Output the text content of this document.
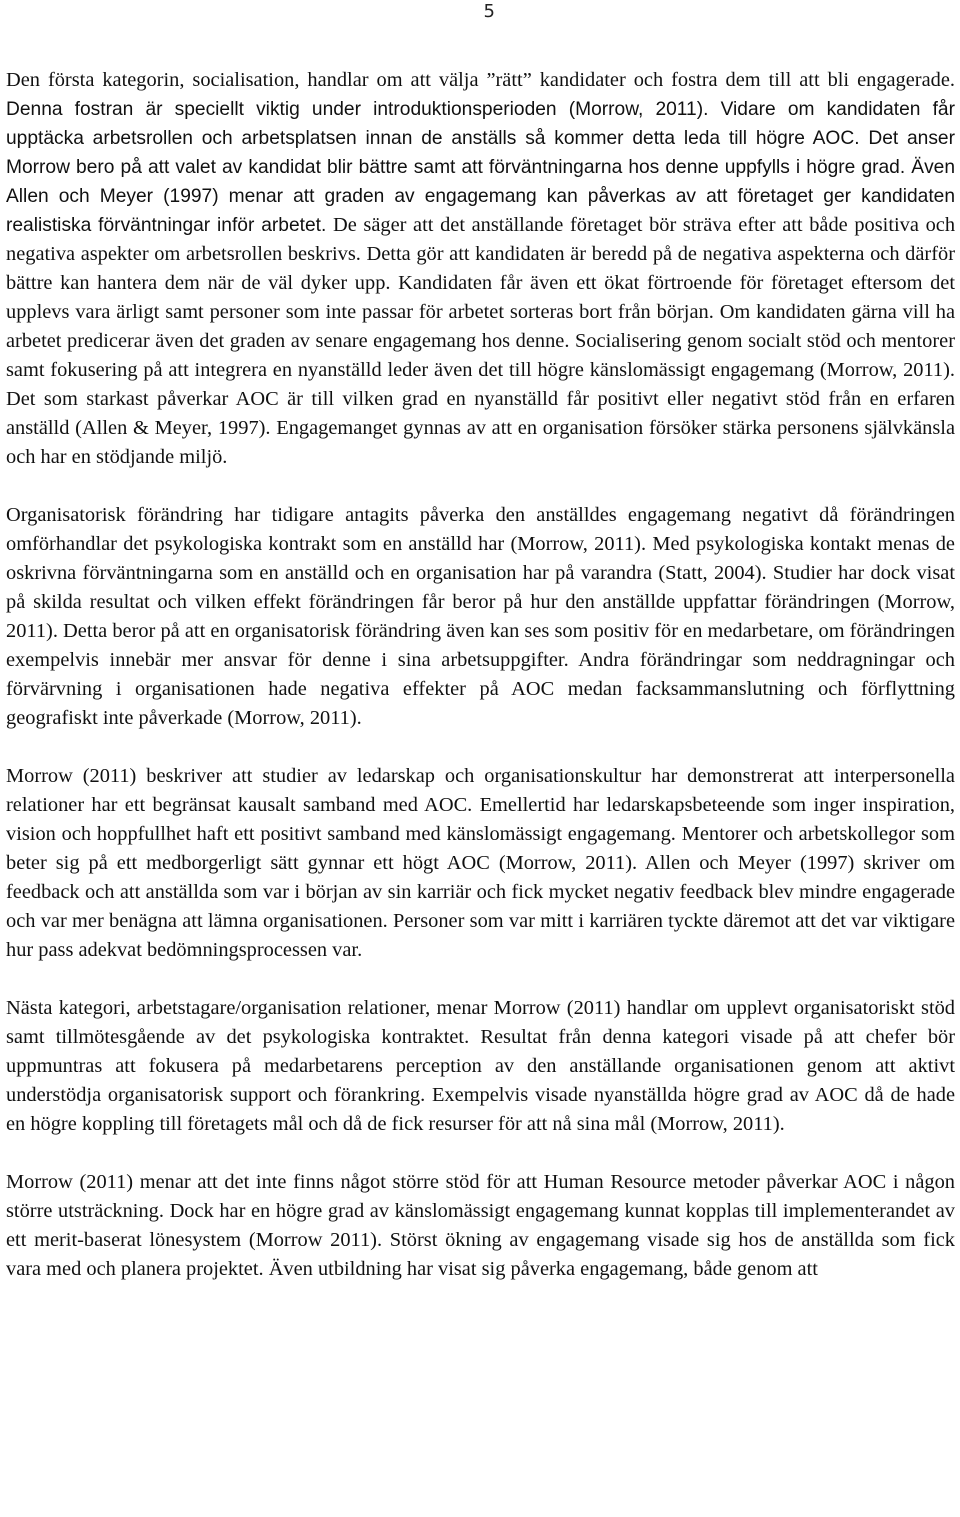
5

Den första kategorin, socialisation, handlar om att välja ”rätt” kandidater och fostra dem till att bli engagerade. Denna fostran är speciellt viktig under introduktionsperioden (Morrow, 2011). Vidare om kandidaten får upptäcka arbetsrollen och arbetsplatsen innan de anställs så kommer detta leda till högre AOC. Det anser Morrow bero på att valet av kandidat blir bättre samt att förväntningarna hos denne uppfylls i högre grad. Även Allen och Meyer (1997) menar att graden av engagemang kan påverkas av att företaget ger kandidaten realistiska förväntningar inför arbetet. De säger att det anställande företaget bör sträva efter att både positiva och negativa aspekter om arbetsrollen beskrivs. Detta gör att kandidaten är beredd på de negativa aspekterna och därför bättre kan hantera dem när de väl dyker upp. Kandidaten får även ett ökat förtroende för företaget eftersom det upplevs vara ärligt samt personer som inte passar för arbetet sorteras bort från början. Om kandidaten gärna vill ha arbetet predicerar även det graden av senare engagemang hos denne. Socialisering genom socialt stöd och mentorer samt fokusering på att integrera en nyanställd leder även det till högre känslomässigt engagemang (Morrow, 2011). Det som starkast påverkar AOC är till vilken grad en nyanställd får positivt eller negativt stöd från en erfaren anställd (Allen & Meyer, 1997). Engagemanget gynnas av att en organisation försöker stärka personens självkänsla och har en stödjande miljö.

Organisatorisk förändring har tidigare antagits påverka den anställdes engagemang negativt då förändringen omförhandlar det psykologiska kontrakt som en anställd har (Morrow, 2011). Med psykologiska kontakt menas de oskrivna förväntningarna som en anställd och en organisation har på varandra (Statt, 2004). Studier har dock visat på skilda resultat och vilken effekt förändringen får beror på hur den anställde uppfattar förändringen (Morrow, 2011). Detta beror på att en organisatorisk förändring även kan ses som positiv för en medarbetare, om förändringen exempelvis innebär mer ansvar för denne i sina arbetsuppgifter. Andra förändringar som neddragningar och förvärvning i organisationen hade negativa effekter på AOC medan facksammanslutning och förflyttning geografiskt inte påverkade (Morrow, 2011).

Morrow (2011) beskriver att studier av ledarskap och organisationskultur har demonstrerat att interpersonella relationer har ett begränsat kausalt samband med AOC. Emellertid har ledarskapsbeteende som inger inspiration, vision och hoppfullhet haft ett positivt samband med känslomässigt engagemang. Mentorer och arbetskollegor som beter sig på ett medborgerligt sätt gynnar ett högt AOC (Morrow, 2011). Allen och Meyer (1997) skriver om feedback och att anställda som var i början av sin karriär och fick mycket negativ feedback blev mindre engagerade och var mer benägna att lämna organisationen. Personer som var mitt i karriären tyckte däremot att det var viktigare hur pass adekvat bedömningsprocessen var.

Nästa kategori, arbetstagare/organisation relationer, menar Morrow (2011) handlar om upplevt organisatoriskt stöd samt tillmötesgående av det psykologiska kontraktet. Resultat från denna kategori visade på att chefer bör uppmuntras att fokusera på medarbetarens perception av den anställande organisationen genom att aktivt understödja organisatorisk support och förankring. Exempelvis visade nyanställda högre grad av AOC då de hade en högre koppling till företagets mål och då de fick resurser för att nå sina mål (Morrow, 2011).

Morrow (2011) menar att det inte finns något större stöd för att Human Resource metoder påverkar AOC i någon större utsträckning. Dock har en högre grad av känslomässigt engagemang kunnat kopplas till implementerandet av ett merit-baserat lönesystem (Morrow 2011). Störst ökning av engagemang visade sig hos de anställda som fick vara med och planera projektet. Även utbildning har visat sig påverka engagemang, både genom att
